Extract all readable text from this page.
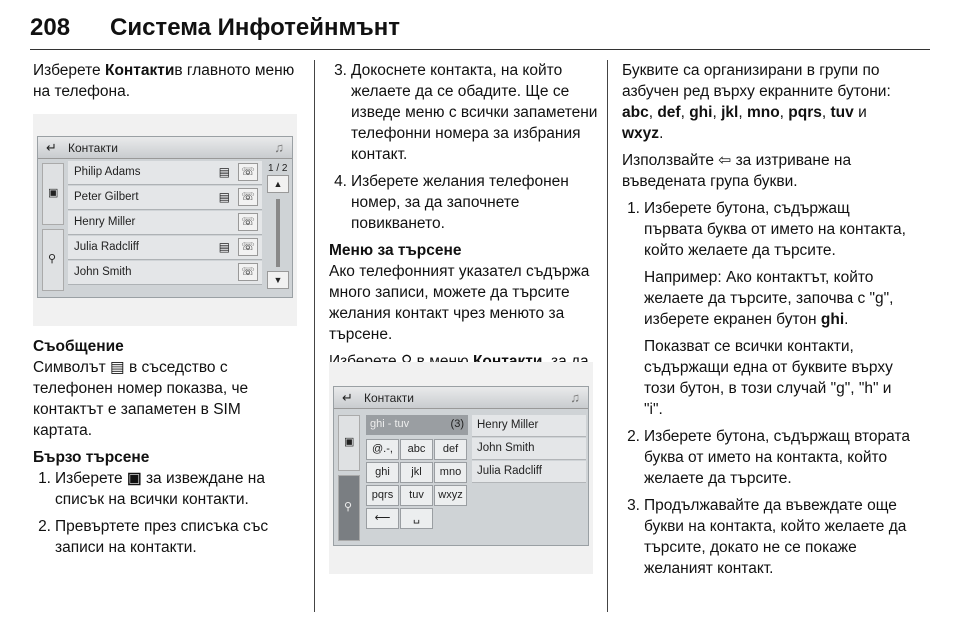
208 Система Инфотейнмънт

Изберете Контактив главното меню на телефона.

↵ Контакти	♫
▣
⚲
Philip Adams	▤ ☏
Peter Gilbert	▤ ☏
Henry Miller	☏
Julia Radcliff	▤ ☏
John Smith	☏
1 / 2
▲
▼

Съобщение
Символът ▤ в съседство с телефонен номер показва, че контактът е запаметен в SIM картата.

Бързо търсене
1. Изберете ▣ за извеждане на списък на всички контакти.
2. Превъртете през списъка със записи на контакти.
3. Докоснете контакта, на който желаете да се обадите. Ще се изведе меню с всички запаметени телефонни номера за избрания контакт.
4. Изберете желания телефонен номер, за да започнете повикването.
Меню за търсене

Ако телефонният указател съдържа много записи, можете да търсите желания контакт чрез менюто за търсене.

↵ Контакти	♫
▣
⚲
ghi - tuv	(3)
@.-,	abc	def
ghi	jkl	mno
pqrs	tuv	wxyz
⟵	␣
Henry Miller
John Smith
Julia Radcliff

Буквите са организирани в групи по азбучен ред върху екранните бутони: abc, def, ghi, jkl, mno, pqrs, tuv и wxyz.

Използвайте ⇦ за изтриване на въведената група букви.

1. Изберете бутона, съдържащ първата буква от името на контакта, който желаете да търсите.

Например: Ако контактът, който желаете да търсите, започва с "g", изберете екранен бутон ghi.

Показват се всички контакти, съдържащи една от буквите върху този бутон, в този случай "g", "h" и "i".

2. Изберете бутона, съдържащ втората буква от името на контакта, който желаете да търсите.
3. Продължавайте да въвеждате още букви на контакта, който желаете да търсите, докато не се покаже желаният контакт.
